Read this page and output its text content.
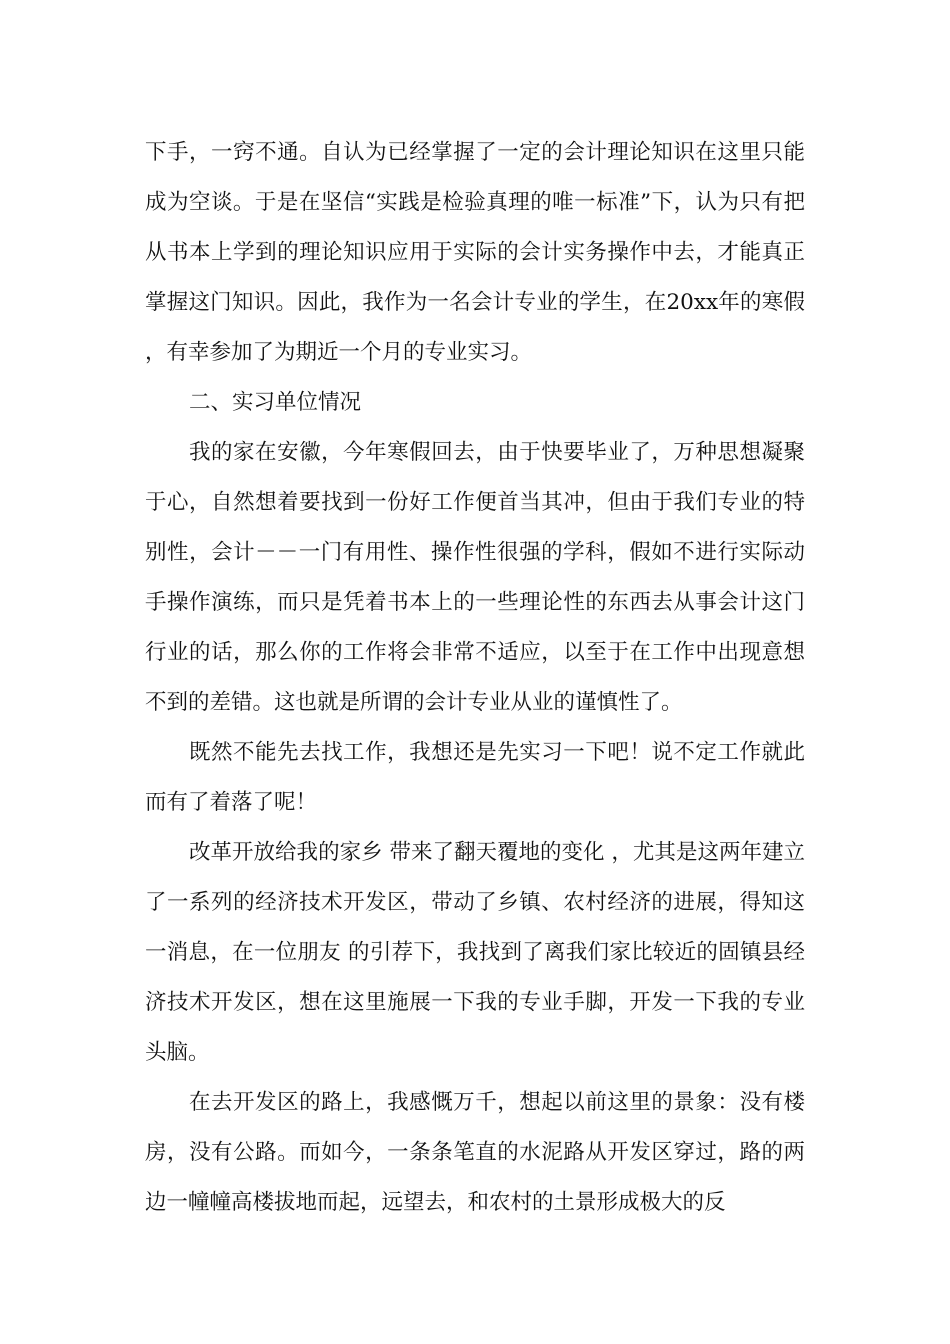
下手，一窍不通。自认为已经掌握了一定的会计理论知识在这里只能成为空谈。于是在坚信“实践是检验真理的唯一标准”下，认为只有把从书本上学到的理论知识应用于实际的会计实务操作中去，才能真正掌握这门知识。因此，我作为一名会计专业的学生，在20xx年的寒假 ，有幸参加了为期近一个月的专业实习。

二、实习单位情况

我的家在安徽，今年寒假回去，由于快要毕业了，万种思想凝聚于心，自然想着要找到一份好工作便首当其冲，但由于我们专业的特别性，会计－－一门有用性、操作性很强的学科，假如不进行实际动手操作演练，而只是凭着书本上的一些理论性的东西去从事会计这门行业的话，那么你的工作将会非常不适应，以至于在工作中出现意想不到的差错。这也就是所谓的会计专业从业的谨慎性了。

既然不能先去找工作，我想还是先实习一下吧！说不定工作就此而有了着落了呢！

改革开放给我的家乡 带来了翻天覆地的变化 ，尤其是这两年建立了一系列的经济技术开发区，带动了乡镇、农村经济的进展，得知这一消息，在一位朋友 的引荐下，我找到了离我们家比较近的固镇县经济技术开发区，想在这里施展一下我的专业手脚，开发一下我的专业头脑。

在去开发区的路上，我感慨万千，想起以前这里的景象：没有楼房，没有公路。而如今，一条条笔直的水泥路从开发区穿过，路的两边一幢幢高楼拔地而起，远望去，和农村的土景形成极大的反
